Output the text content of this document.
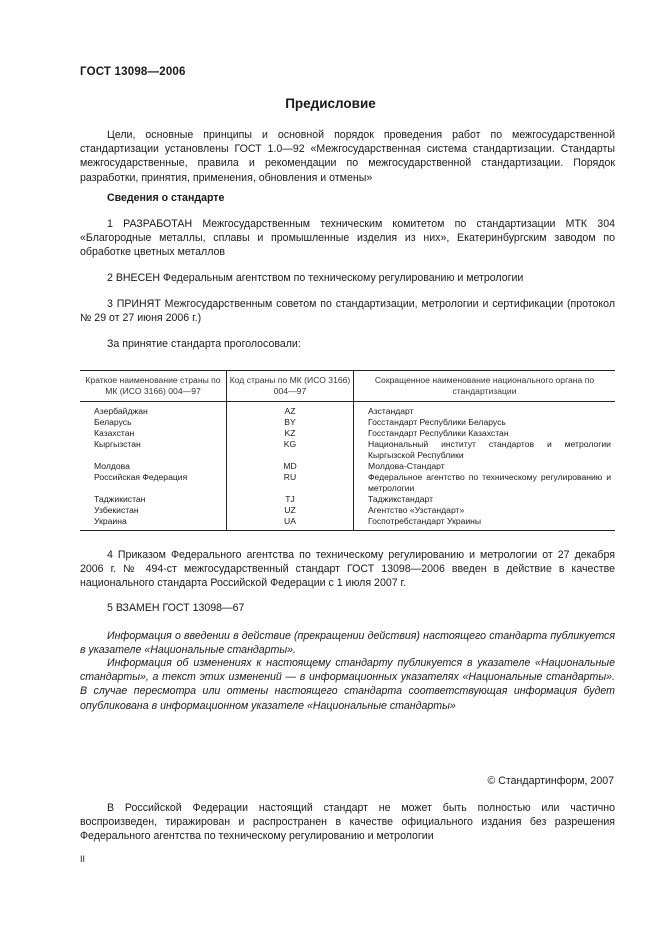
ГОСТ 13098—2006
Предисловие
Цели, основные принципы и основной порядок проведения работ по межгосударственной стандартизации установлены ГОСТ 1.0—92 «Межгосударственная система стандартизации. Стандарты межгосударственные, правила и рекомендации по межгосударственной стандартизации. Порядок разработки, принятия, применения, обновления и отмены»
Сведения о стандарте
1 РАЗРАБОТАН Межгосударственным техническим комитетом по стандартизации МТК 304 «Благородные металлы, сплавы и промышленные изделия из них», Екатеринбургским заводом по обработке цветных металлов
2 ВНЕСЕН Федеральным агентством по техническому регулированию и метрологии
3 ПРИНЯТ Межгосударственным советом по стандартизации, метрологии и сертификации (протокол № 29 от 27 июня 2006 г.)
За принятие стандарта проголосовали:
Краткое наименование страны по МК (ИСО 3166) 004—97	Код страны по МК (ИСО 3166) 004—97	Сокращенное наименование национального органа по стандартизации
Азербайджан	AZ	Азстандарт
Беларусь	BY	Госстандарт Республики Беларусь
Казахстан	KZ	Госстандарт Республики Казахстан
Кыргызстан	KG	Национальный институт стандартов и метрологии Кыргызской Республики
Молдова	MD	Молдова-Стандарт
Российская Федерация	RU	Федеральное агентство по техническому регулированию и метрологии
Таджикистан	TJ	Таджикстандарт
Узбекистан	UZ	Агентство «Узстандарт»
Украина	UA	Госпотребстандарт Украины
4 Приказом Федерального агентства по техническому регулированию и метрологии от 27 декабря 2006 г. № 494-ст межгосударственный стандарт ГОСТ 13098—2006 введен в действие в качестве национального стандарта Российской Федерации с 1 июля 2007 г.
5 ВЗАМЕН ГОСТ 13098—67
Информация о введении в действие (прекращении действия) настоящего стандарта публикуется в указателе «Национальные стандарты».
Информация об изменениях к настоящему стандарту публикуется в указателе «Национальные стандарты», а текст этих изменений — в информационных указателях «Национальные стандарты». В случае пересмотра или отмены настоящего стандарта соответствующая информация будет опубликована в информационном указателе «Национальные стандарты»
© Стандартинформ, 2007
В Российской Федерации настоящий стандарт не может быть полностью или частично воспроизведен, тиражирован и распространен в качестве официального издания без разрешения Федерального агентства по техническому регулированию и метрологии
II
